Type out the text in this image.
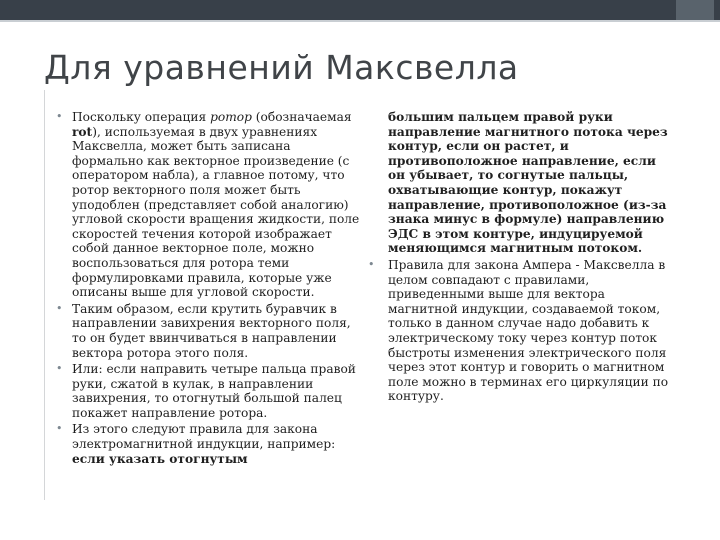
Для уравнений Максвелла
• Поскольку операция ротор (обозначаемая rot), используемая в двух уравнениях Максвелла, может быть записана формально как векторное произведение (с оператором набла), а главное потому, что ротор векторного поля может быть уподоблен (представляет собой аналогию) угловой скорости вращения жидкости, поле скоростей течения которой изображает собой данное векторное поле, можно воспользоваться для ротора теми формулировками правила, которые уже описаны выше для угловой скорости.
• Таким образом, если крутить буравчик в направлении завихрения векторного поля, то он будет ввинчиваться в направлении вектора ротора этого поля.
• Или: если направить четыре пальца правой руки, сжатой в кулак, в направлении завихрения, то отогнутый большой палец покажет направление ротора.
• Из этого следуют правила для закона электромагнитной индукции, например: если указать отогнутым
большим пальцем правой руки направление магнитного потока через контур, если он растет, и противоположное направление, если он убывает, то согнутые пальцы, охватывающие контур, покажут направление, противоположное (из-за знака минус в формуле) направлению ЭДС в этом контуре, индуцируемой меняющимся магнитным потоком.
• Правила для закона Ампера - Максвелла в целом совпадают с правилами, приведенными выше для вектора магнитной индукции, создаваемой током, только в данном случае надо добавить к электрическому току через контур поток быстроты изменения электрического поля через этот контур и говорить о магнитном поле можно в терминах его циркуляции по контуру.
